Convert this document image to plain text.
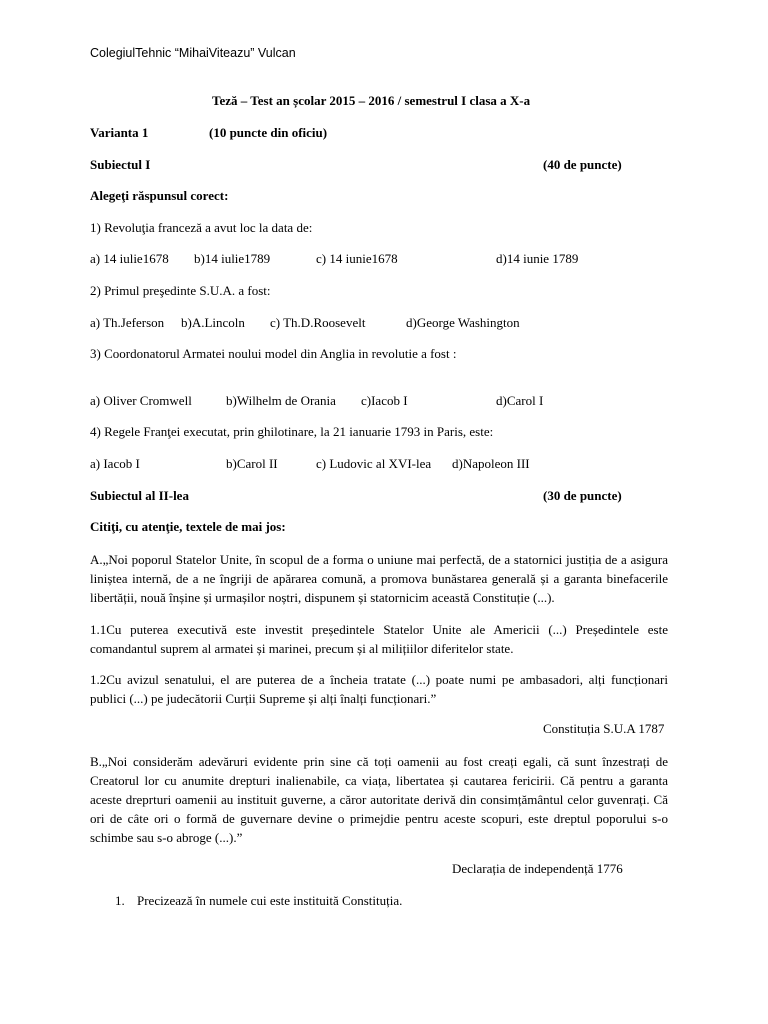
ColegiulTehnic “MihaiViteazu” Vulcan
Teză – Test an școlar 2015 – 2016 / semestrul I clasa a X-a
Varianta 1	(10 puncte din oficiu)
Subiectul I	(40 de puncte)
Alegeţi răspunsul corect:
1) Revoluţia franceză a avut loc la data de:
a) 14 iulie1678 b)14 iulie1789	c) 14 iunie1678	d)14 iunie 1789
2) Primul preşedinte S.U.A. a fost:
a) Th.Jeferson b)A.Lincoln c) Th.D.Roosevelt	d)George Washington
3) Coordonatorul Armatei noului model din Anglia in revolutie a fost :
a) Oliver Cromwell	b)Wilhelm de Orania c)Iacob I	d)Carol I
4) Regele Franţei executat, prin ghilotinare, la 21 ianuarie 1793 in Paris, este:
a) Iacob I	b)Carol II	c) Ludovic al XVI-lea d)Napoleon III
Subiectul al II-lea	(30 de puncte)
Citiţi, cu atenţie, textele de mai jos:
A.„Noi poporul Statelor Unite, în scopul de a forma o uniune mai perfectă, de a statornici justiția de a asigura liniștea internă, de a ne îngriji de apărarea comună, a promova bunăstarea generală și a garanta binefacerile libertății, nouă înșine și urmașilor noștri, dispunem și statornicim această Constituție (...).
1.1Cu puterea executivă este investit președintele Statelor Unite ale Americii (...) Președintele este comandantul suprem al armatei și marinei, precum și al milițiilor diferitelor state.
1.2Cu avizul senatului, el are puterea de a încheia tratate (...) poate numi pe ambasadori, alți funcționari publici (...) pe judecătorii Curții Supreme și alți înalți funcționari.”
Constituția S.U.A 1787
B.„Noi considerăm adevăruri evidente prin sine că toți oamenii au fost creați egali, că sunt înzestrați de Creatorul lor cu anumite drepturi inalienabile, ca viața, libertatea și cautarea fericirii. Că pentru a garanta aceste dreprturi oamenii au instituit guverne, a căror autoritate derivă din consimțământul celor guvenrați. Că ori de câte ori o formă de guvernare devine o primejdie pentru aceste scopuri, este dreptul poporului s-o schimbe sau s-o abroge (...).”
Declarația de independență 1776
1. Precizează în numele cui este instituită Constituția.
